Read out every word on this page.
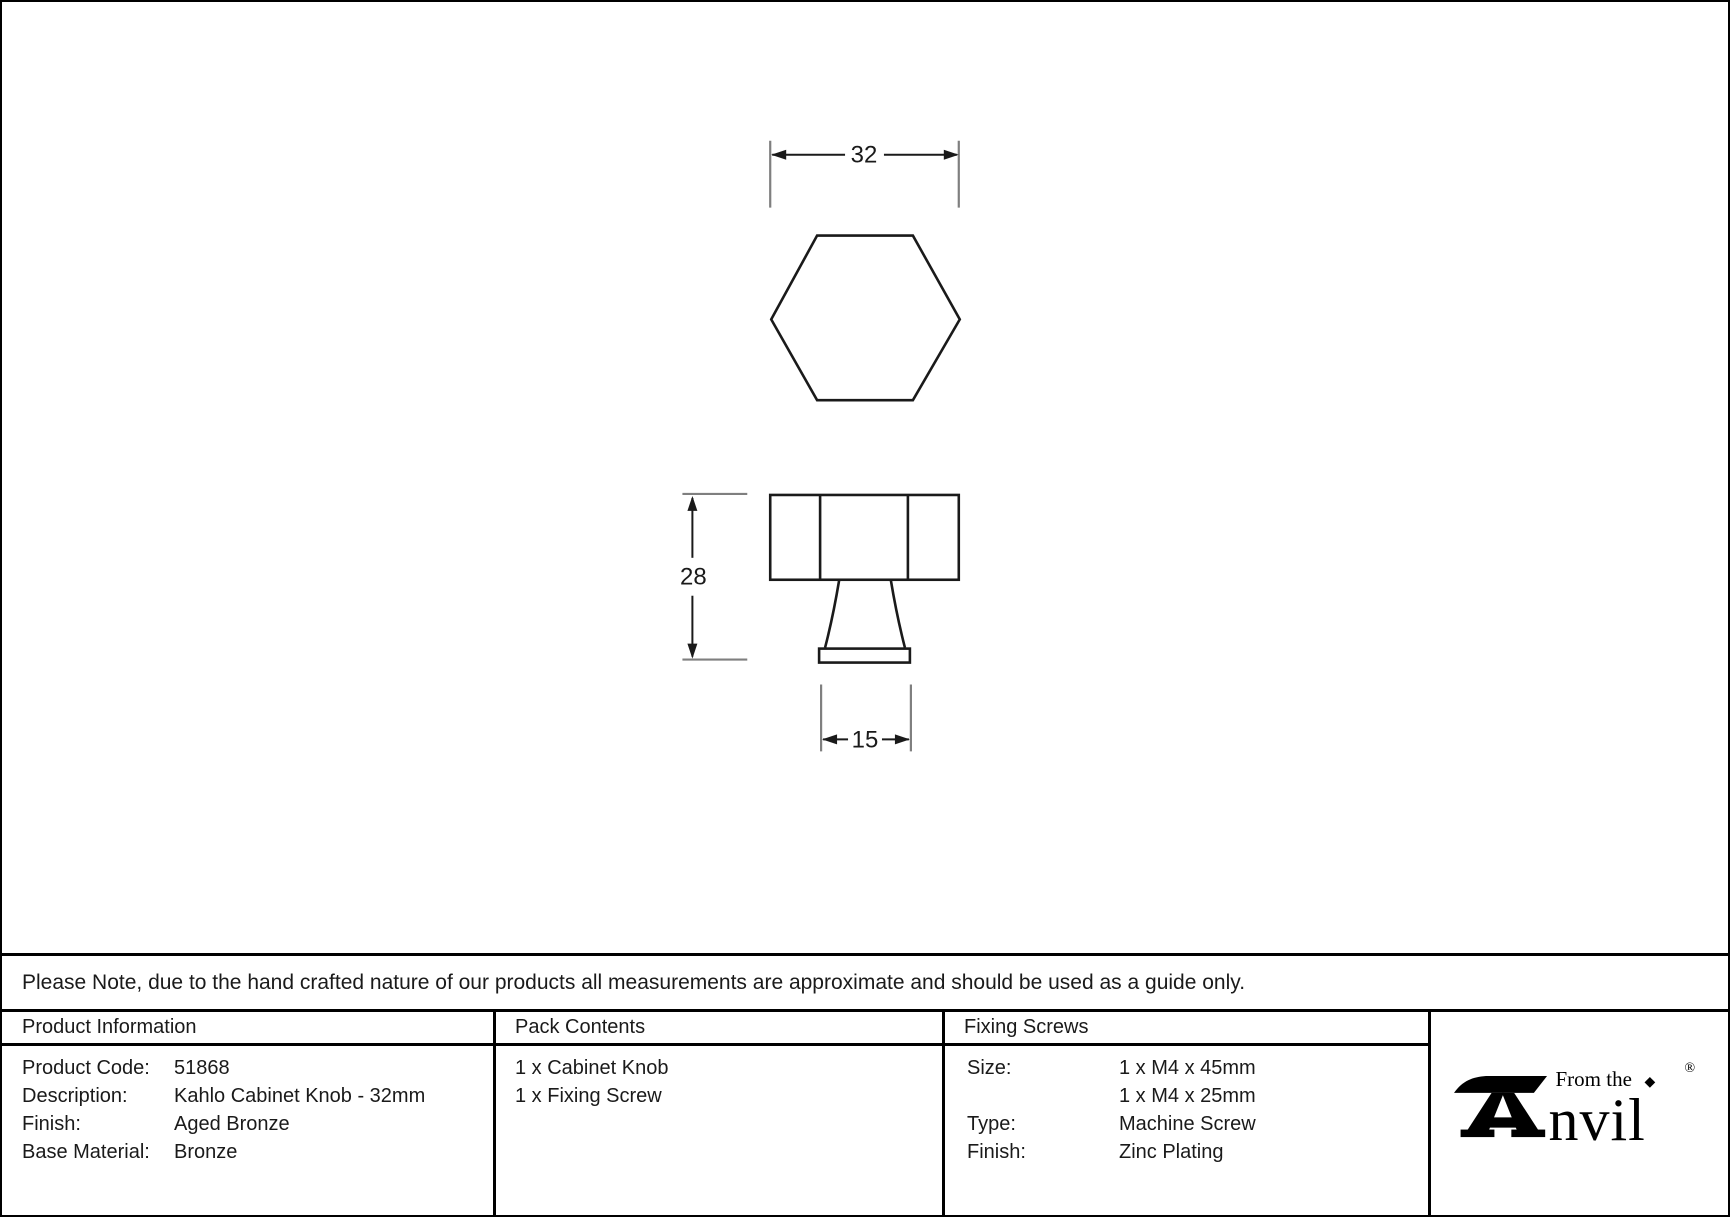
32
28
15
Please Note, due to the hand crafted nature of our products all measurements are approximate and should be used as a guide only.
Product Information
Product Code:	51868
Description:	Kahlo Cabinet Knob - 32mm
Finish:	Aged Bronze
Base Material:	Bronze
Pack Contents
1 x Cabinet Knob
1 x Fixing Screw
Fixing Screws
Size:	1 x M4 x 45mm
1 x M4 x 25mm
Type:	Machine Screw
Finish:	Zinc Plating
From the ◆
nvil
®
